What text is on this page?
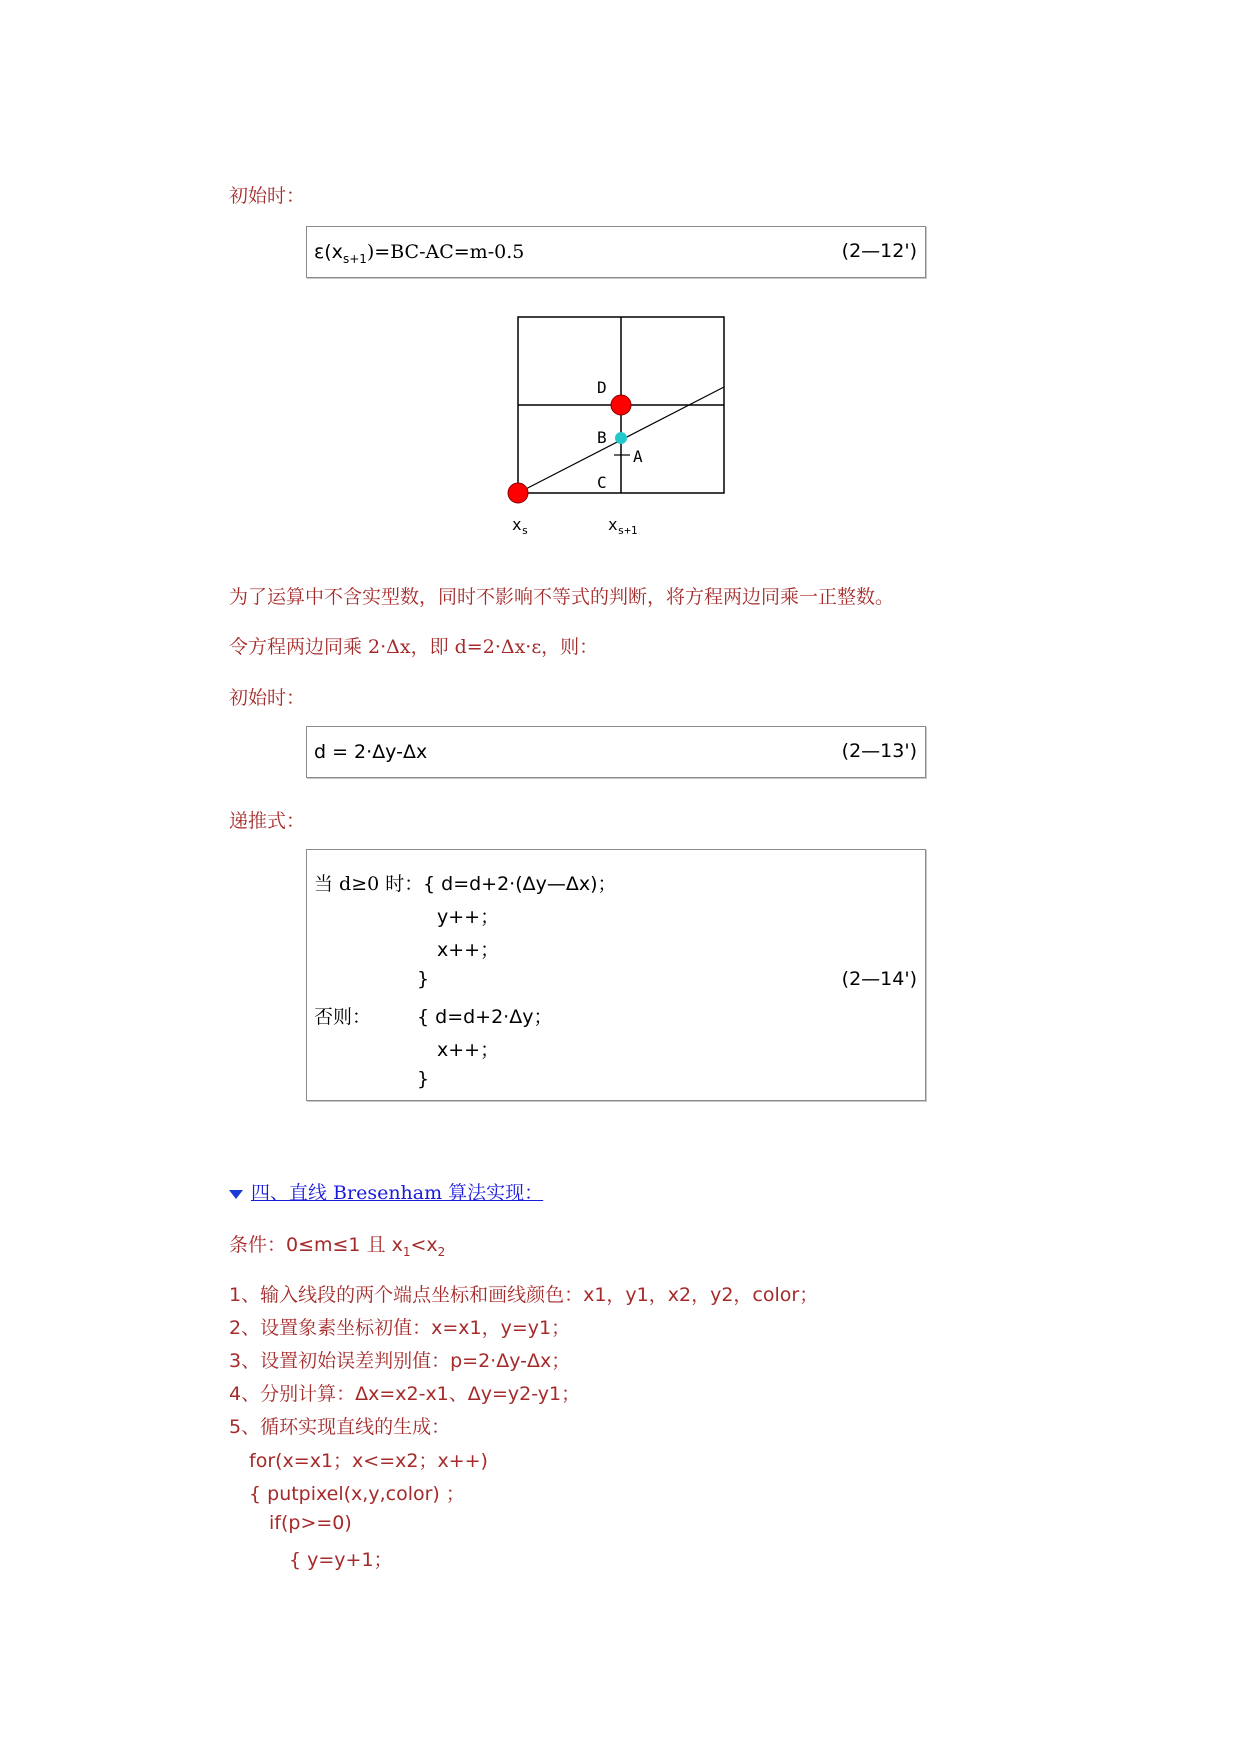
初始时：
$\varepsilon(x_{s+1})=BC-AC=m-0.5$	(2—12')
D
B
A
C
$x_s$	$x_{s+1}$
为了运算中不含实型数，同时不影响不等式的判断，将方程两边同乘一正整数。
令方程两边同乘 2·Δx，即 d=2·Δx·ε，则：
初始时：
d = 2·Δy-Δx	(2—13')
递推式：
当 d≥0 时： { d=d+2·(Δy—Δx)；
y++；
x++；
}	(2—14')
否则： { d=d+2·Δy；
x++；
}
四、直线 Bresenham 算法实现：
条件：0≤m≤1 且 $x_1<x_2$
1、输入线段的两个端点坐标和画线颜色：x1，y1，x2，y2，color；
2、设置象素坐标初值：x=x1，y=y1；
3、设置初始误差判别值：p=2·Δy-Δx；
4、分别计算：Δx=x2-x1、Δy=y2-y1；
5、循环实现直线的生成：
for(x=x1；x<=x2；x++)
{ putpixel(x,y,color) ；
if(p>=0)
{ y=y+1；
